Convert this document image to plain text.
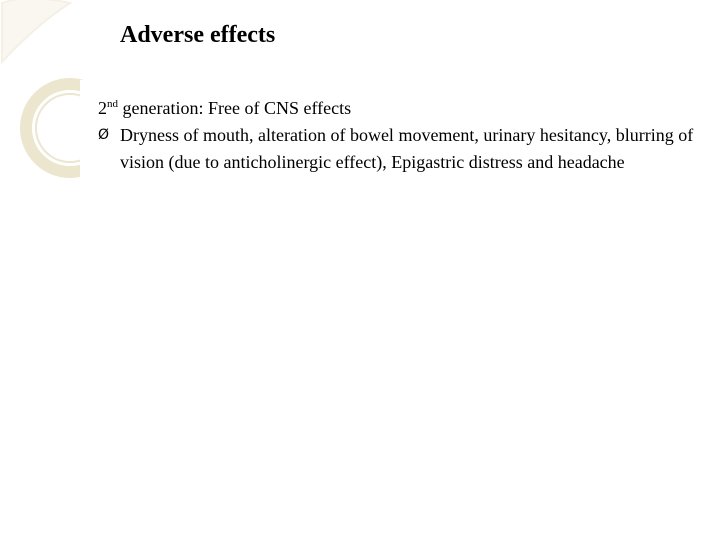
Adverse effects
2nd generation: Free of CNS effects
Ø Dryness of mouth, alteration of bowel movement, urinary hesitancy, blurring of vision (due to anticholinergic effect), Epigastric distress and headache
